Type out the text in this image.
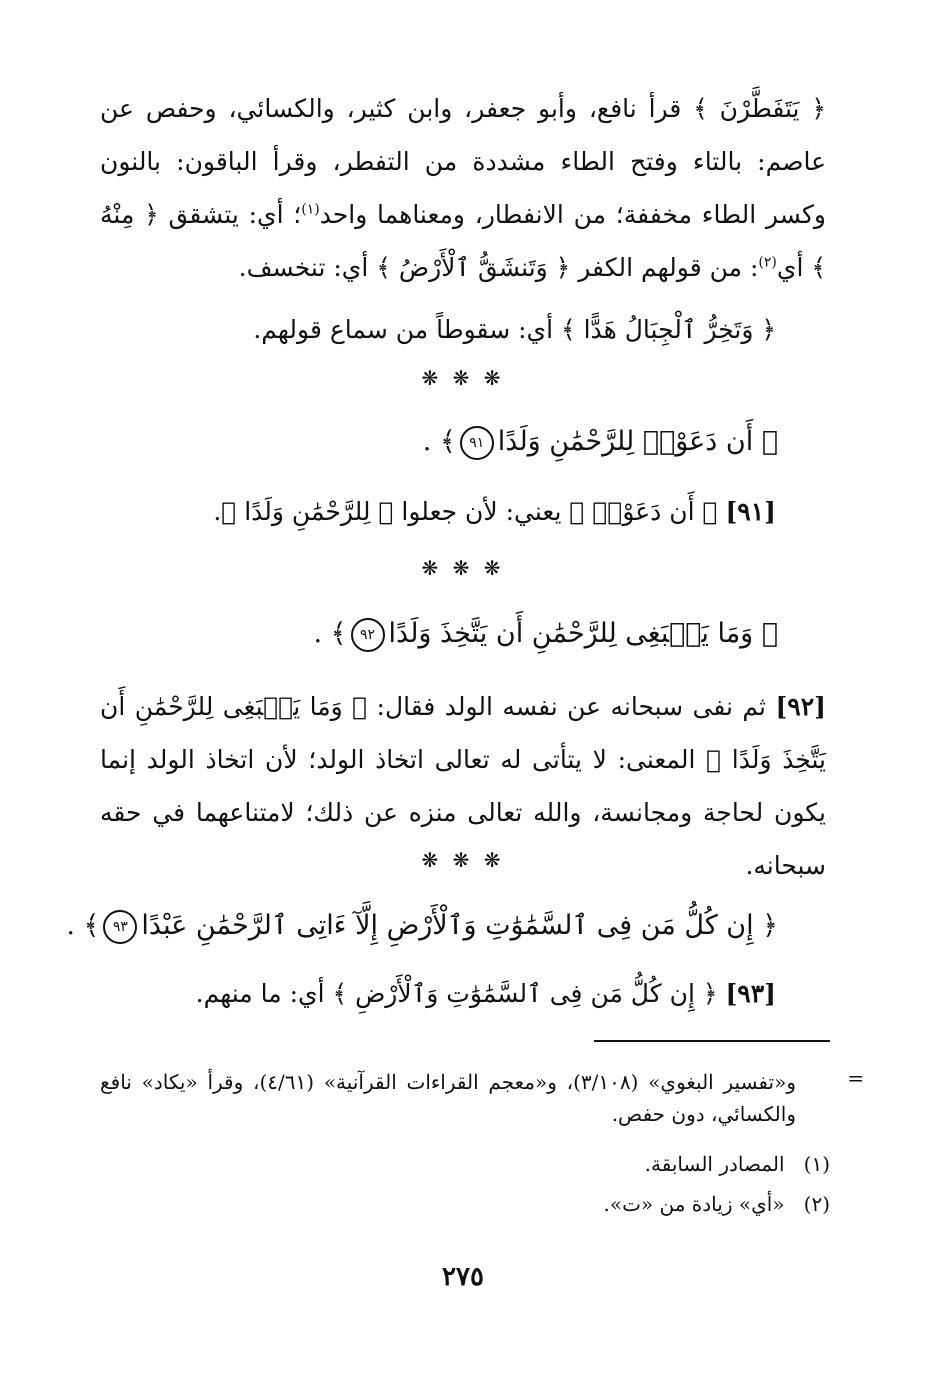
﴿ يَتَفَطَّرْنَ ﴾ قرأ نافع، وأبو جعفر، وابن كثير، والكسائي، وحفص عن عاصم: بالتاء وفتح الطاء مشددة من التفطر، وقرأ الباقون: بالنون وكسر الطاء مخففة؛ من الانفطار، ومعناهما واحد$^{(١)}$؛ أي: يتشقق ﴿ مِنْهُ ﴾ أي$^{(٢)}$: من قولهم الكفر ﴿ وَتَنشَقُّ ٱلْأَرْضُ ﴾ أي: تنخسف.
﴿ وَتَخِرُّ ٱلْجِبَالُ هَدًّا ﴾ أي: سقوطاً من سماع قولهم.
❋ ❋ ❋
﴿ أَن دَعَوْا۟ لِلرَّحْمَٰنِ وَلَدًا٩١﴾ .
[٩١] ﴿ أَن دَعَوْا۟ ﴾ يعني: لأن جعلوا ﴿ لِلرَّحْمَٰنِ وَلَدًا ﴾.
❋ ❋ ❋
﴿ وَمَا يَنۢبَغِى لِلرَّحْمَٰنِ أَن يَتَّخِذَ وَلَدًا٩٢﴾ .
[٩٢] ثم نفى سبحانه عن نفسه الولد فقال: ﴿ وَمَا يَنۢبَغِى لِلرَّحْمَٰنِ أَن يَتَّخِذَ وَلَدًا ﴾ المعنى: لا يتأتى له تعالى اتخاذ الولد؛ لأن اتخاذ الولد إنما يكون لحاجة ومجانسة، والله تعالى منزه عن ذلك؛ لامتناعهما في حقه سبحانه.
❋ ❋ ❋
﴿ إِن كُلُّ مَن فِى ٱلسَّمَٰوَٰتِ وَٱلْأَرْضِ إِلَّآ ءَاتِى ٱلرَّحْمَٰنِ عَبْدًا٩٣﴾ .
[٩٣] ﴿ إِن كُلُّ مَن فِى ٱلسَّمَٰوَٰتِ وَٱلْأَرْضِ ﴾ أي: ما منهم.
=
و«تفسير البغوي» (٣/١٠٨)، و«معجم القراءات القرآنية» (٤/٦١)، وقرأ «يكاد» نافع والكسائي، دون حفص.
(١)   المصادر السابقة.
(٢)   «أي» زيادة من «ت».
٢٧٥
